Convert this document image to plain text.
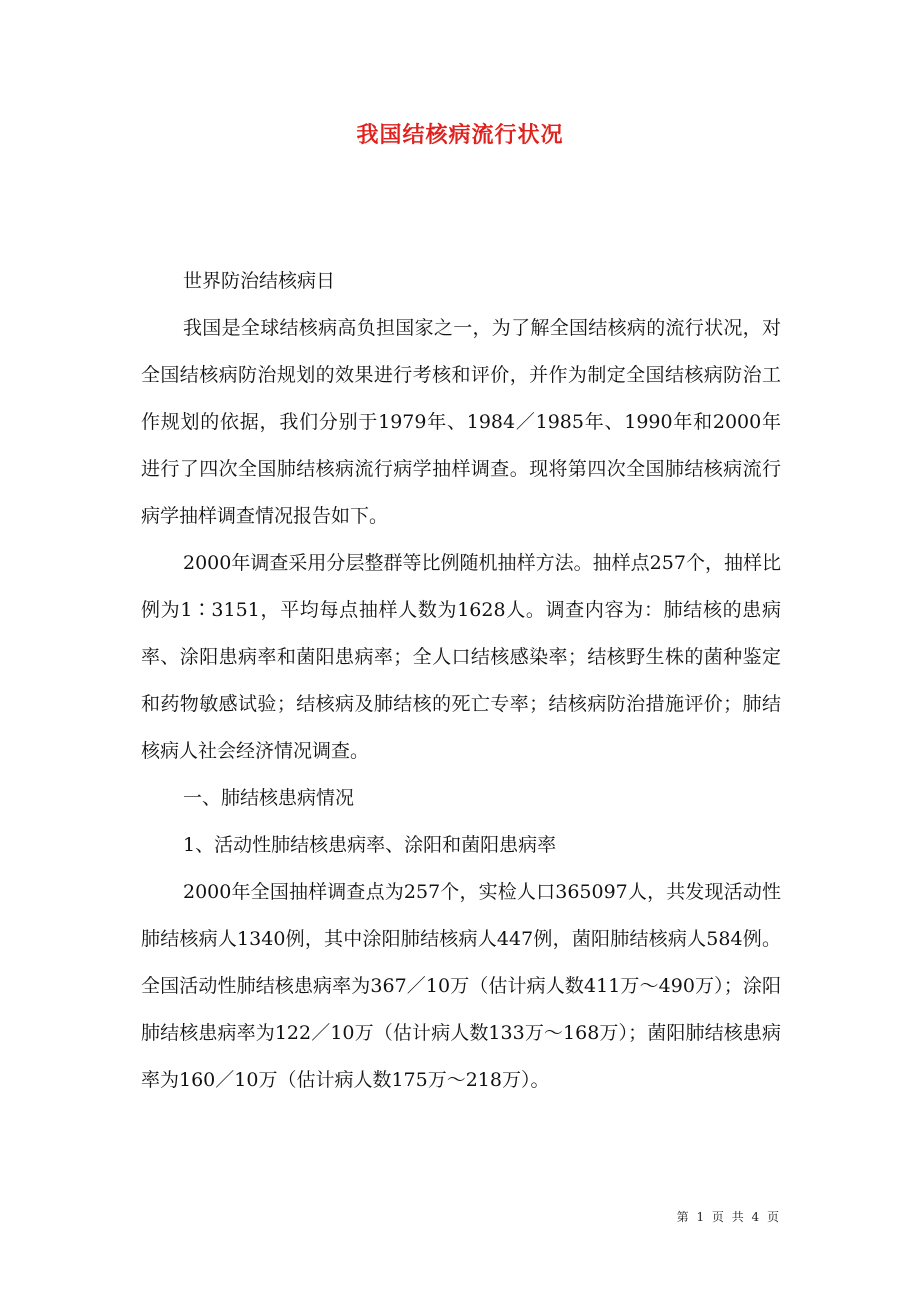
我国结核病流行状况

世界防治结核病日

我国是全球结核病高负担国家之一，为了解全国结核病的流行状况，对全国结核病防治规划的效果进行考核和评价，并作为制定全国结核病防治工作规划的依据，我们分别于1979年、1984／1985年、1990年和2000年进行了四次全国肺结核病流行病学抽样调查。现将第四次全国肺结核病流行病学抽样调查情况报告如下。

2000年调查采用分层整群等比例随机抽样方法。抽样点257个，抽样比例为1∶3151，平均每点抽样人数为1628人。调查内容为：肺结核的患病率、涂阳患病率和菌阳患病率；全人口结核感染率；结核野生株的菌种鉴定和药物敏感试验；结核病及肺结核的死亡专率；结核病防治措施评价；肺结核病人社会经济情况调查。

一、肺结核患病情况

1、活动性肺结核患病率、涂阳和菌阳患病率

2000年全国抽样调查点为257个，实检人口365097人，共发现活动性肺结核病人1340例，其中涂阳肺结核病人447例，菌阳肺结核病人584例。全国活动性肺结核患病率为367／10万（估计病人数411万～490万）；涂阳肺结核患病率为122／10万（估计病人数133万～168万）；菌阳肺结核患病率为160／10万（估计病人数175万～218万）。

第 1 页 共 4 页
